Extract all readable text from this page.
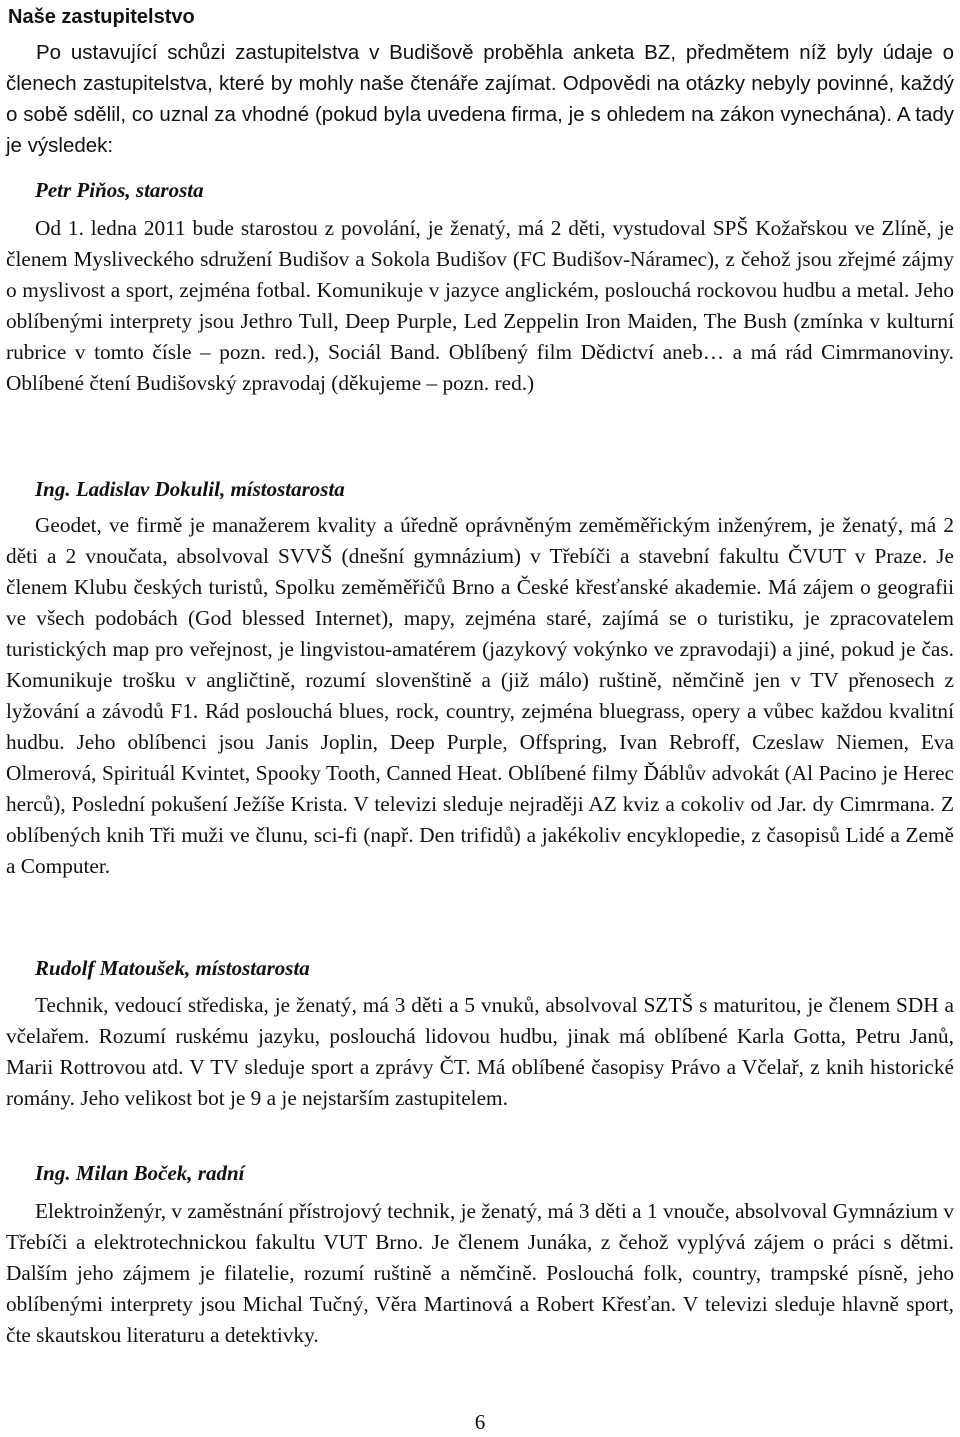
Naše zastupitelstvo

Po ustavující schůzi zastupitelstva v Budišově proběhla anketa BZ, předmětem níž byly údaje o členech zastupitelstva, které by mohly naše čtenáře zajímat. Odpovědi na otázky nebyly povinné, každý o sobě sdělil, co uznal za vhodné (pokud byla uvedena firma, je s ohledem na zákon vynechána). A tady je výsledek:

Petr Piňos, starosta

Od 1. ledna 2011 bude starostou z povolání, je ženatý, má 2 děti, vystudoval SPŠ Kožařskou ve Zlíně, je členem Mysliveckého sdružení Budišov a Sokola Budišov (FC Budišov-Náramec), z čehož jsou zřejmé zájmy o myslivost a sport, zejména fotbal. Komunikuje v jazyce anglickém, poslouchá rockovou hudbu a metal. Jeho oblíbenými interprety jsou Jethro Tull, Deep Purple, Led Zeppelin Iron Maiden, The Bush (zmínka v kulturní rubrice v tomto čísle – pozn. red.), Sociál Band. Oblíbený film Dědictví aneb… a má rád Cimrmanoviny. Oblíbené čtení Budišovský zpravodaj (děkujeme – pozn. red.)

Ing. Ladislav Dokulil, místostarosta

Geodet, ve firmě je manažerem kvality a úředně oprávněným zeměměřickým inženýrem, je ženatý, má 2 děti a 2 vnoučata, absolvoval SVVŠ (dnešní gymnázium) v Třebíči a stavební fakultu ČVUT v Praze. Je členem Klubu českých turistů, Spolku zeměměřičů Brno a České křesťanské akademie. Má zájem o geografii ve všech podobách (God blessed Internet), mapy, zejména staré, zajímá se o turistiku, je zpracovatelem turistických map pro veřejnost, je lingvistou-amatérem (jazykový vokýnko ve zpravodaji) a jiné, pokud je čas. Komunikuje trošku v angličtině, rozumí slovenštině a (již málo) ruštině, němčině jen v TV přenosech z lyžování a závodů F1. Rád poslouchá blues, rock, country, zejména bluegrass, opery a vůbec každou kvalitní hudbu. Jeho oblíbenci jsou Janis Joplin, Deep Purple, Offspring, Ivan Rebroff, Czeslaw Niemen, Eva Olmerová, Spirituál Kvintet, Spooky Tooth, Canned Heat. Oblíbené filmy Ďáblův advokát (Al Pacino je Herec herců), Poslední pokušení Ježíše Krista. V televizi sleduje nejraději AZ kviz a cokoliv od Jar. dy Cimrmana. Z oblíbených knih Tři muži ve člunu, sci-fi (např. Den trifidů) a jakékoliv encyklopedie, z časopisů Lidé a Země a Computer.

Rudolf Matoušek, místostarosta

Technik, vedoucí střediska, je ženatý, má 3 děti a 5 vnuků, absolvoval SZTŠ s maturitou, je členem SDH a včelařem. Rozumí ruskému jazyku, poslouchá lidovou hudbu, jinak má oblíbené Karla Gotta, Petru Janů, Marii Rottrovou atd. V TV sleduje sport a zprávy ČT. Má oblíbené časopisy Právo a Včelař, z knih historické romány. Jeho velikost bot je 9 a je nejstarším zastupitelem.

Ing. Milan Boček, radní

Elektroinženýr, v zaměstnání přístrojový technik, je ženatý, má 3 děti a 1 vnouče, absolvoval Gymnázium v Třebíči a elektrotechnickou fakultu VUT Brno. Je členem Junáka, z čehož vyplývá zájem o práci s dětmi. Dalším jeho zájmem je filatelie, rozumí ruštině a němčině. Poslouchá folk, country, trampské písně, jeho oblíbenými interprety jsou Michal Tučný, Věra Martinová a Robert Křesťan. V televizi sleduje hlavně sport, čte skautskou literaturu a detektivky.

6
